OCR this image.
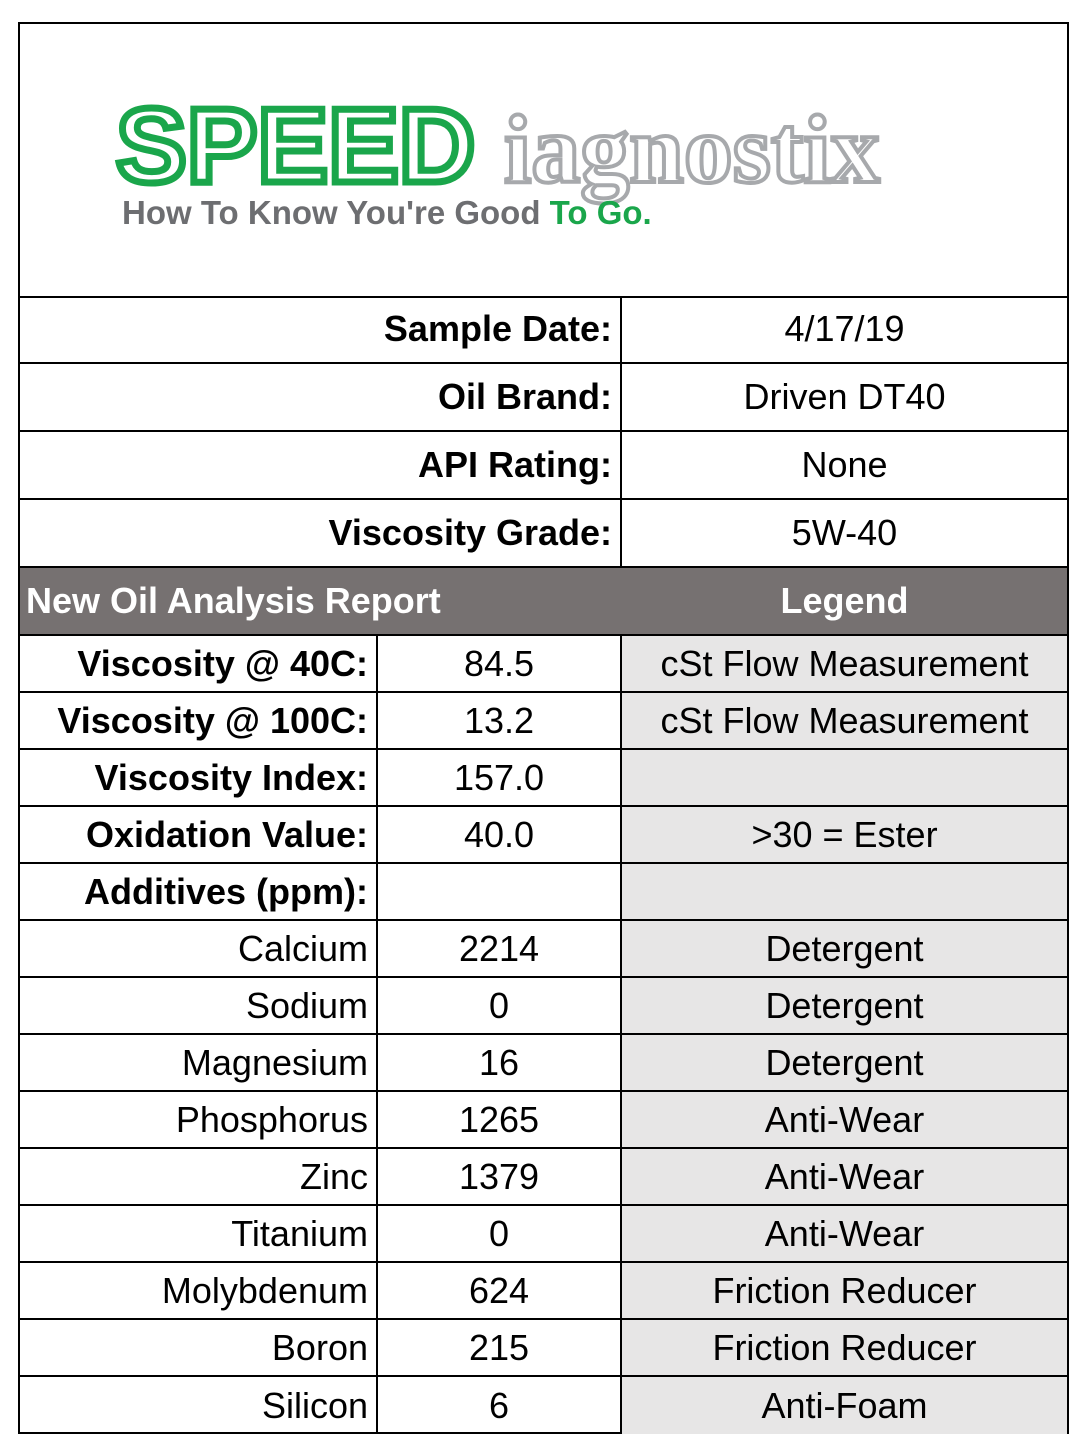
SPEED iagnostix
How To Know You're Good To Go.
Sample Date:	4/17/19
Oil Brand:	Driven DT40
API Rating:	None
Viscosity Grade:	5W-40
New Oil Analysis Report	Legend
Viscosity @ 40C:	84.5	cSt Flow Measurement
Viscosity @ 100C:	13.2	cSt Flow Measurement
Viscosity Index:	157.0
Oxidation Value:	40.0	>30 = Ester
Additives (ppm):
Calcium	2214	Detergent
Sodium	0	Detergent
Magnesium	16	Detergent
Phosphorus	1265	Anti-Wear
Zinc	1379	Anti-Wear
Titanium	0	Anti-Wear
Molybdenum	624	Friction Reducer
Boron	215	Friction Reducer
Silicon	6	Anti-Foam
